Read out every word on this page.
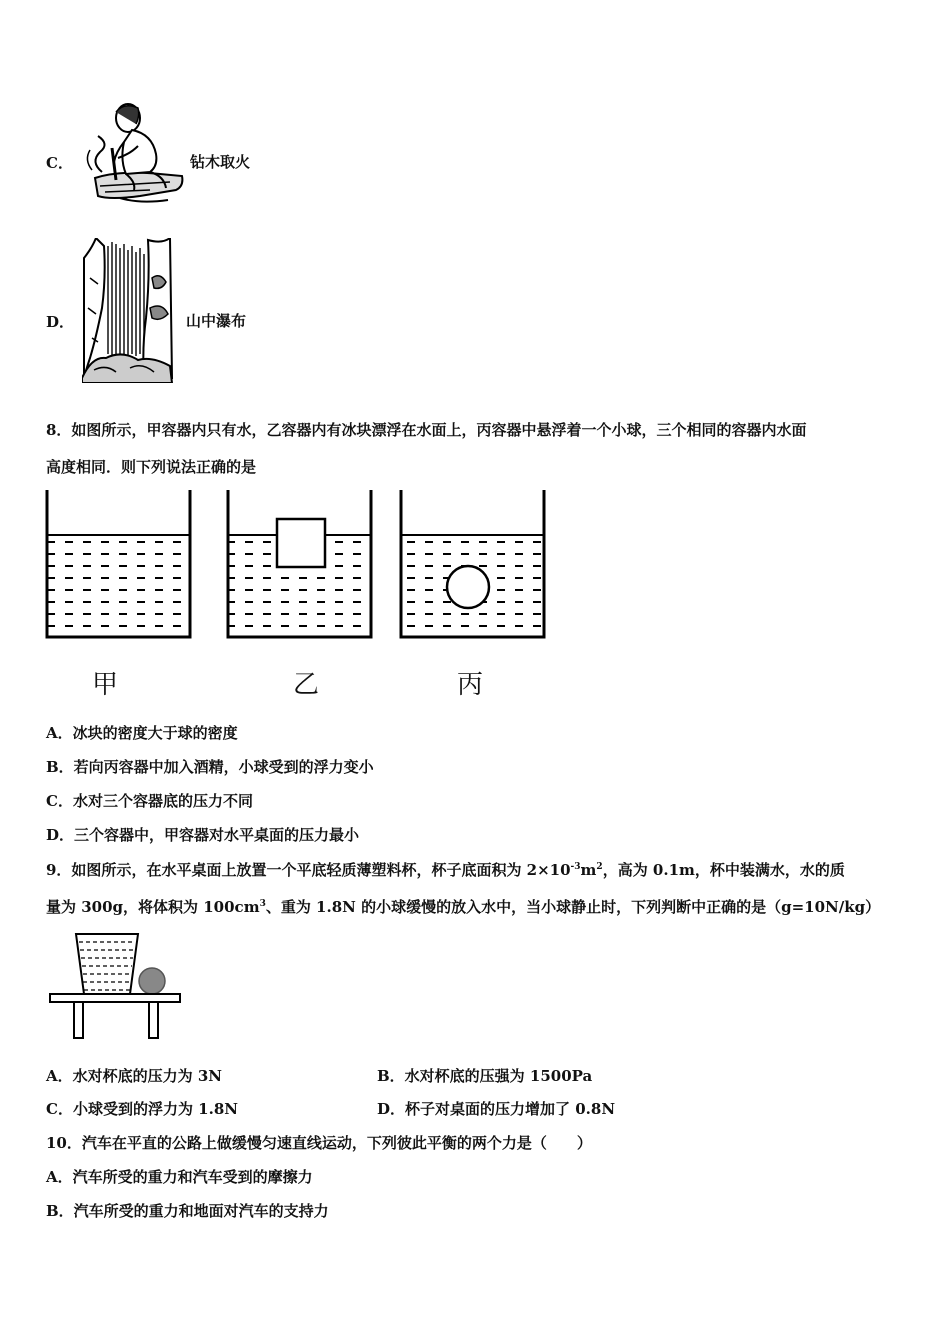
C．	钻木取火
D．	山中瀑布
8．如图所示，甲容器内只有水，乙容器内有冰块漂浮在水面上，丙容器中悬浮着一个小球，三个相同的容器内水面
高度相同．则下列说法正确的是
甲	乙	丙
A．冰块的密度大于球的密度
B．若向丙容器中加入酒精，小球受到的浮力变小
C．水对三个容器底的压力不同
D．三个容器中，甲容器对水平桌面的压力最小
9．如图所示，在水平桌面上放置一个平底轻质薄塑料杯，杯子底面积为 $2\times 10^{-3}m^2$，高为 0.1m，杯中装满水，水的质
量为 300g，将体积为 $100cm^3$、重为 1.8N 的小球缓慢的放入水中，当小球静止时，下列判断中正确的是（g=10N/kg）
A．水对杯底的压力为 3N	B．水对杯底的压强为 1500Pa
C．小球受到的浮力为 1.8N	D．杯子对桌面的压力增加了 0.8N
10．汽车在平直的公路上做缓慢匀速直线运动，下列彼此平衡的两个力是（　　）
A．汽车所受的重力和汽车受到的摩擦力
B．汽车所受的重力和地面对汽车的支持力
